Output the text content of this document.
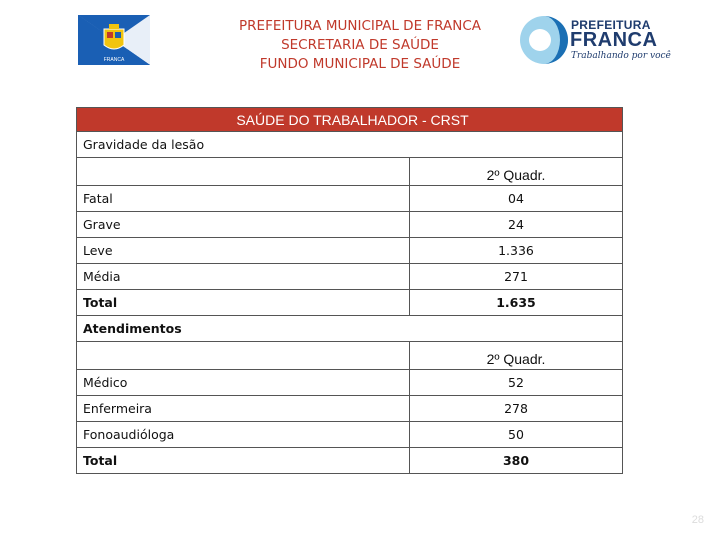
FRANCA
PREFEITURA MUNICIPAL DE FRANCA
SECRETARIA DE SAÚDE
FUNDO MUNICIPAL DE SAÚDE
PREFEITURA
FRANCA
Trabalhando por você
SAÚDE DO TRABALHADOR - CRST	
Gravidade da lesão	
	2º Quadr.
Fatal	04
Grave	24
Leve	1.336
Média	271
Total	1.635
Atendimentos	
	2º Quadr.
Médico	52
Enfermeira	278
Fonoaudióloga	50
Total	380
28
